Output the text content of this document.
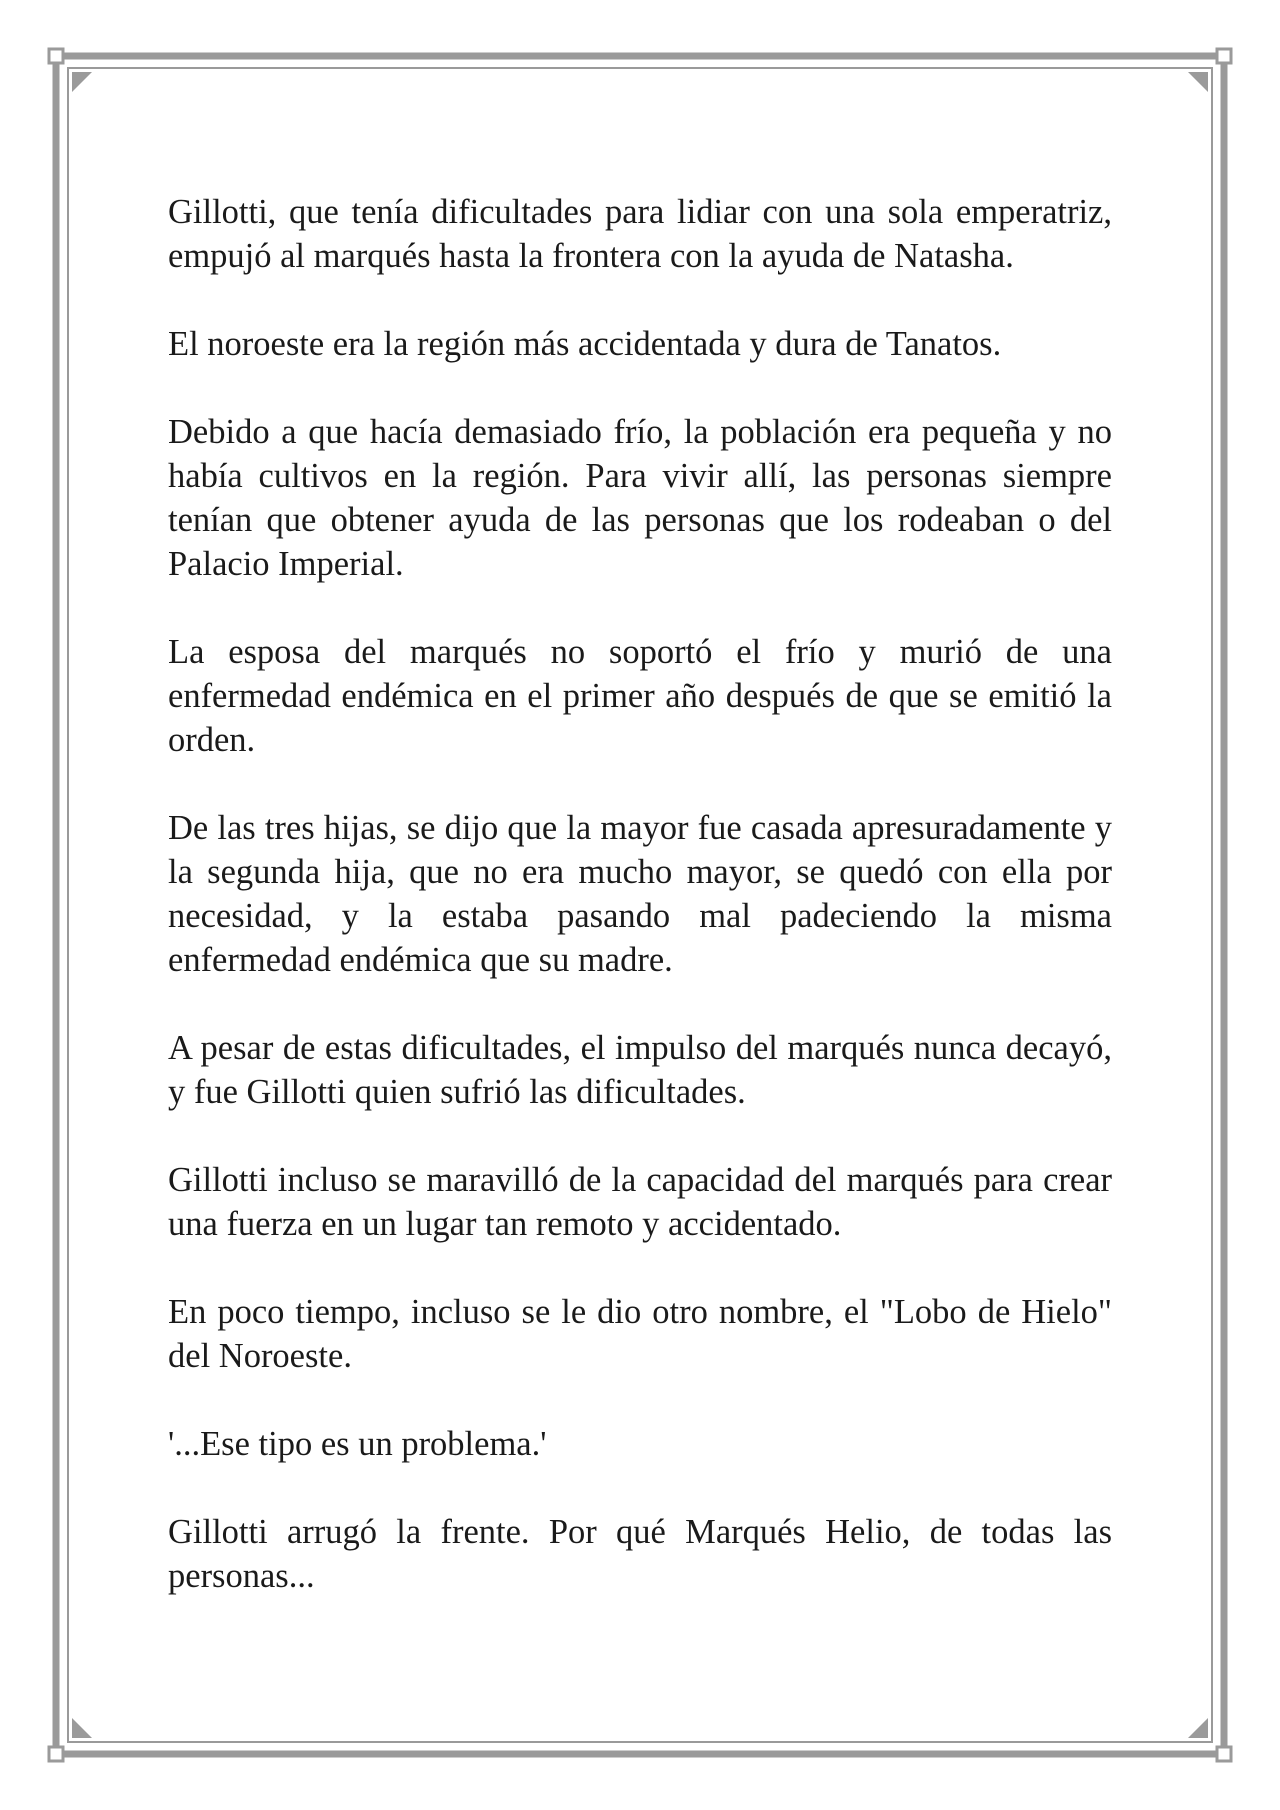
Gillotti, que tenía dificultades para lidiar con una sola emperatriz, empujó al marqués hasta la frontera con la ayuda de Natasha.

El noroeste era la región más accidentada y dura de Tanatos.

Debido a que hacía demasiado frío, la población era pequeña y no había cultivos en la región. Para vivir allí, las personas siempre tenían que obtener ayuda de las personas que los rodeaban o del Palacio Imperial.

La esposa del marqués no soportó el frío y murió de una enfermedad endémica en el primer año después de que se emitió la orden.

De las tres hijas, se dijo que la mayor fue casada apresuradamente y la segunda hija, que no era mucho mayor, se quedó con ella por necesidad, y la estaba pasando mal padeciendo la misma enfermedad endémica que su madre.

A pesar de estas dificultades, el impulso del marqués nunca decayó, y fue Gillotti quien sufrió las dificultades.

Gillotti incluso se maravilló de la capacidad del marqués para crear una fuerza en un lugar tan remoto y accidentado.

En poco tiempo, incluso se le dio otro nombre, el "Lobo de Hielo" del Noroeste.

'...Ese tipo es un problema.'

Gillotti arrugó la frente. Por qué Marqués Helio, de todas las personas...
